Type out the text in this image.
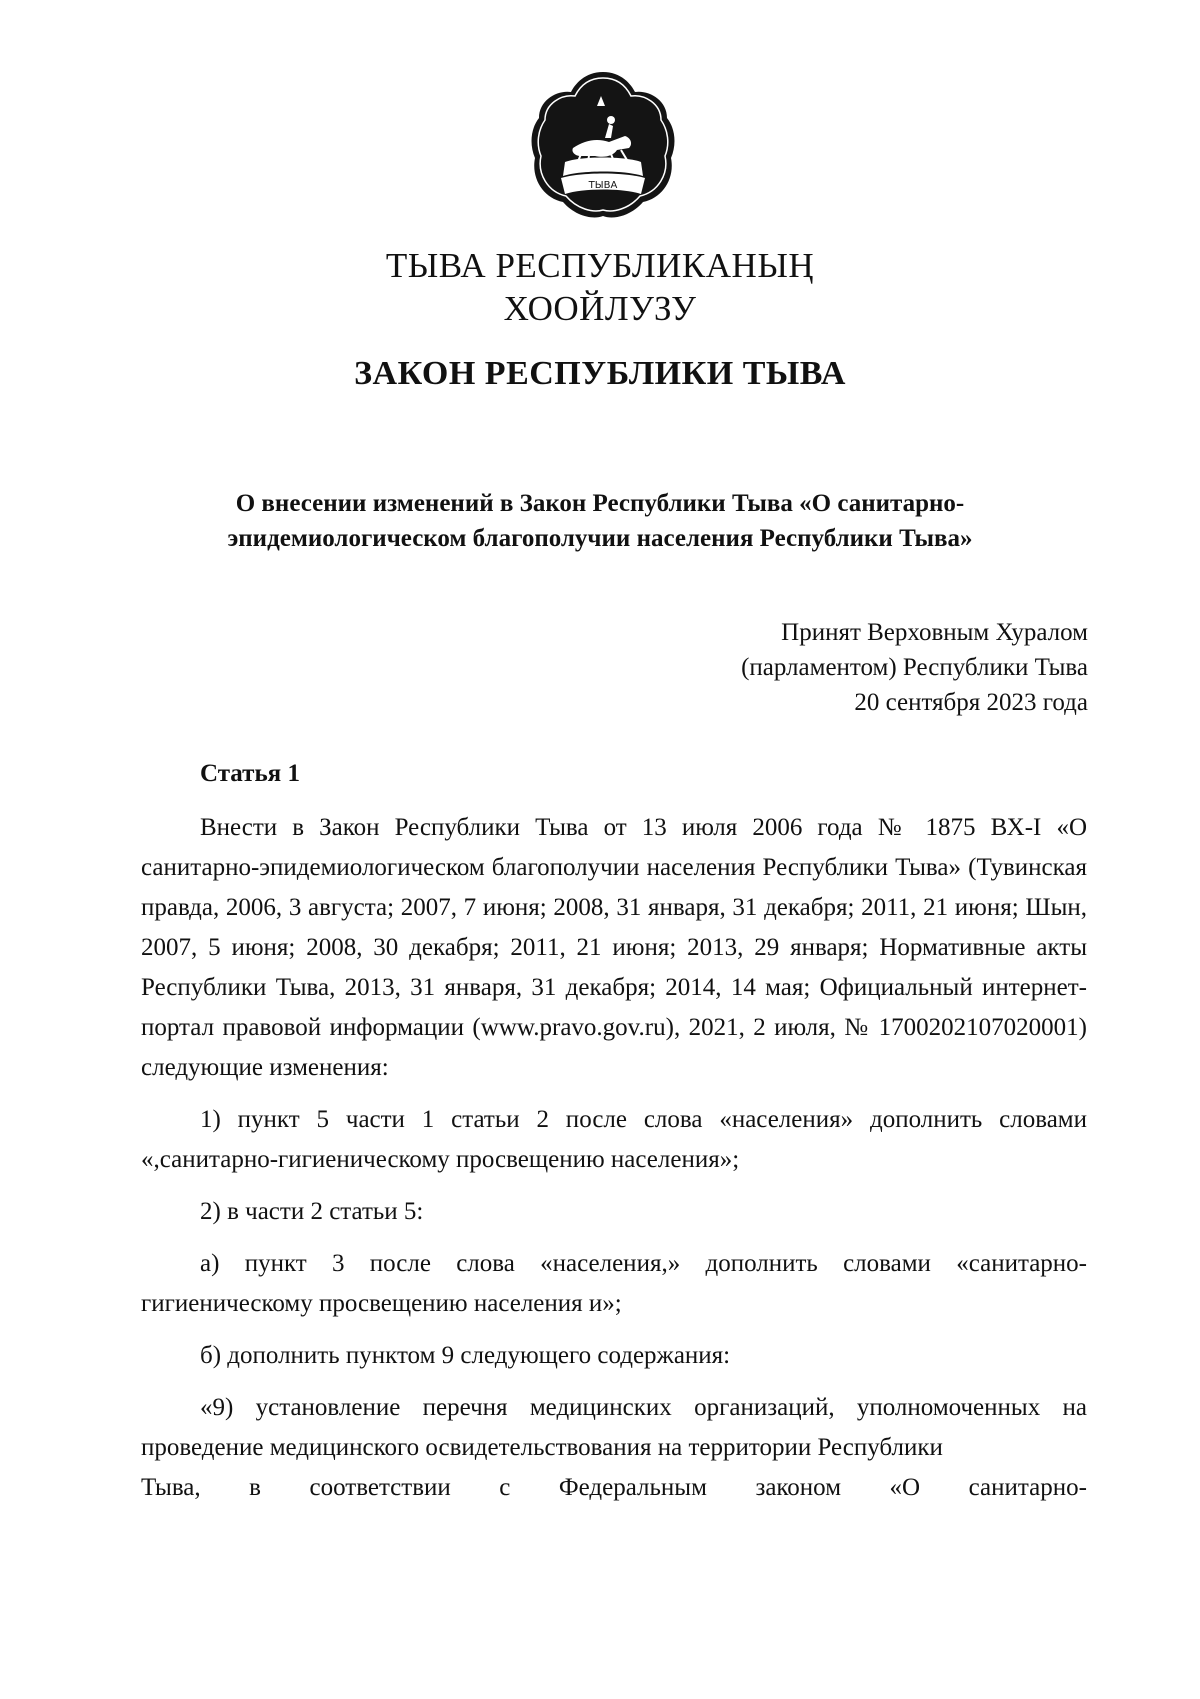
ТЫВА
ТЫВА РЕСПУБЛИКАНЫҢ
ХООЙЛУЗУ
ЗАКОН РЕСПУБЛИКИ ТЫВА
О внесении изменений в Закон Республики Тыва «О санитарно-
эпидемиологическом благополучии населения Республики Тыва»
Принят Верховным Хуралом
(парламентом) Республики Тыва
20 сентября 2023 года
Статья 1

Внести в Закон Республики Тыва от 13 июля 2006 года № 1875 ВХ-I «О санитарно-эпидемиологическом благополучии населения Республики Тыва» (Тувинская правда, 2006, 3 августа; 2007, 7 июня; 2008, 31 января, 31 декабря; 2011, 21 июня; Шын, 2007, 5 июня; 2008, 30 декабря; 2011, 21 июня; 2013, 29 января; Нормативные акты Республики Тыва, 2013, 31 января, 31 декабря; 2014, 14 мая; Официальный интернет-портал правовой информации (www.pravo.gov.ru), 2021, 2 июля, № 1700202107020001) следующие изменения:

1) пункт 5 части 1 статьи 2 после слова «населения» дополнить словами «,санитарно-гигиеническому просвещению населения»;

2) в части 2 статьи 5:

а) пункт 3 после слова «населения,» дополнить словами «санитарно-гигиеническому просвещению населения и»;

б) дополнить пунктом 9 следующего содержания:

«9) установление перечня медицинских организаций, уполномоченных на проведение медицинского освидетельствования на территории Республики

Тыва, в соответствии с Федеральным законом «О санитарно-
